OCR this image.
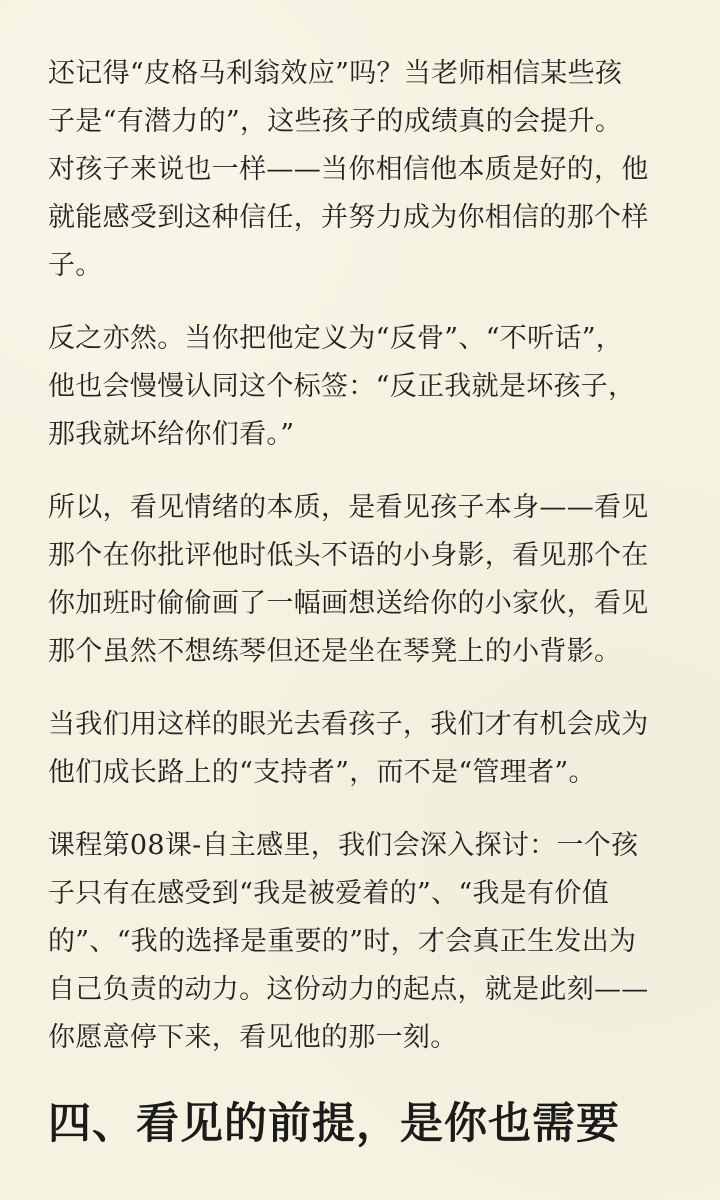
还记得“皮格马利翁效应”吗？当老师相信某些孩
子是“有潜力的”，这些孩子的成绩真的会提升。
对孩子来说也一样——当你相信他本质是好的，他
就能感受到这种信任，并努力成为你相信的那个样
子。
反之亦然。当你把他定义为“反骨”、“不听话”，
他也会慢慢认同这个标签：“反正我就是坏孩子，
那我就坏给你们看。”
所以，看见情绪的本质，是看见孩子本身——看见
那个在你批评他时低头不语的小身影，看见那个在
你加班时偷偷画了一幅画想送给你的小家伙，看见
那个虽然不想练琴但还是坐在琴凳上的小背影。
当我们用这样的眼光去看孩子，我们才有机会成为
他们成长路上的“支持者”，而不是“管理者”。
课程第08课-自主感里，我们会深入探讨：一个孩
子只有在感受到“我是被爱着的”、“我是有价值
的”、“我的选择是重要的”时，才会真正生发出为
自己负责的动力。这份动力的起点，就是此刻——
你愿意停下来，看见他的那一刻。
四、看见的前提，是你也需要
